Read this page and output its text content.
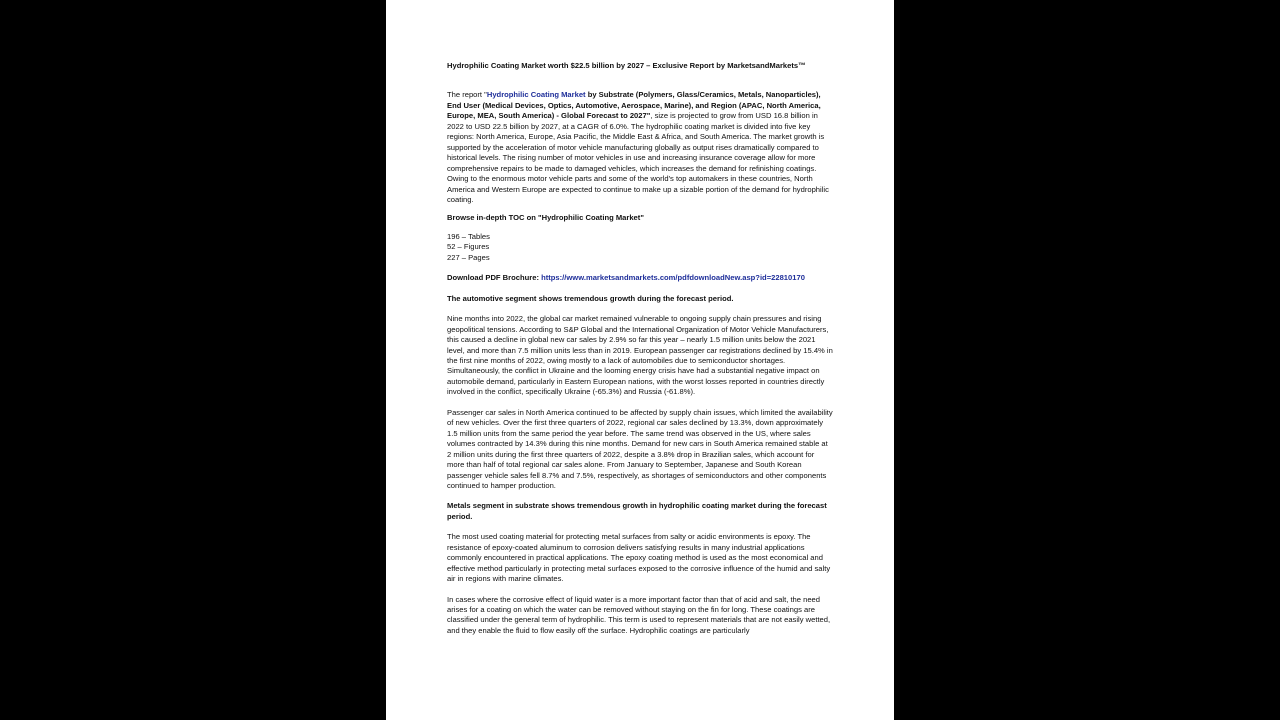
Hydrophilic Coating Market worth $22.5 billion by 2027 – Exclusive Report by MarketsandMarkets™

The report "Hydrophilic Coating Market by Substrate (Polymers, Glass/Ceramics, Metals, Nanoparticles), End User (Medical Devices, Optics, Automotive, Aerospace, Marine), and Region (APAC, North America, Europe, MEA, South America) - Global Forecast to 2027", size is projected to grow from USD 16.8 billion in 2022 to USD 22.5 billion by 2027, at a CAGR of 6.0%. The hydrophilic coating market is divided into five key regions: North America, Europe, Asia Pacific, the Middle East & Africa, and South America. The market growth is supported by the acceleration of motor vehicle manufacturing globally as output rises dramatically compared to historical levels. The rising number of motor vehicles in use and increasing insurance coverage allow for more comprehensive repairs to be made to damaged vehicles, which increases the demand for refinishing coatings. Owing to the enormous motor vehicle parts and some of the world's top automakers in these countries, North America and Western Europe are expected to continue to make up a sizable portion of the demand for hydrophilic coating.

Browse in-depth TOC on "Hydrophilic Coating Market"

196 – Tables

52 – Figures

227 – Pages

Download PDF Brochure: https://www.marketsandmarkets.com/pdfdownloadNew.asp?id=22810170

The automotive segment shows tremendous growth during the forecast period.

Nine months into 2022, the global car market remained vulnerable to ongoing supply chain pressures and rising geopolitical tensions. According to S&P Global and the International Organization of Motor Vehicle Manufacturers, this caused a decline in global new car sales by 2.9% so far this year – nearly 1.5 million units below the 2021 level, and more than 7.5 million units less than in 2019. European passenger car registrations declined by 15.4% in the first nine months of 2022, owing mostly to a lack of automobiles due to semiconductor shortages. Simultaneously, the conflict in Ukraine and the looming energy crisis have had a substantial negative impact on automobile demand, particularly in Eastern European nations, with the worst losses reported in countries directly involved in the conflict, specifically Ukraine (-65.3%) and Russia (-61.8%).

Passenger car sales in North America continued to be affected by supply chain issues, which limited the availability of new vehicles. Over the first three quarters of 2022, regional car sales declined by 13.3%, down approximately 1.5 million units from the same period the year before. The same trend was observed in the US, where sales volumes contracted by 14.3% during this nine months. Demand for new cars in South America remained stable at 2 million units during the first three quarters of 2022, despite a 3.8% drop in Brazilian sales, which account for more than half of total regional car sales alone. From January to September, Japanese and South Korean passenger vehicle sales fell 8.7% and 7.5%, respectively, as shortages of semiconductors and other components continued to hamper production.

Metals segment in substrate shows tremendous growth in hydrophilic coating market during the forecast period.

The most used coating material for protecting metal surfaces from salty or acidic environments is epoxy. The resistance of epoxy-coated aluminum to corrosion delivers satisfying results in many industrial applications commonly encountered in practical applications. The epoxy coating method is used as the most economical and effective method particularly in protecting metal surfaces exposed to the corrosive influence of the humid and salty air in regions with marine climates.

In cases where the corrosive effect of liquid water is a more important factor than that of acid and salt, the need arises for a coating on which the water can be removed without staying on the fin for long. These coatings are classified under the general term of hydrophilic. This term is used to represent materials that are not easily wetted, and they enable the fluid to flow easily off the surface. Hydrophilic coatings are particularly
